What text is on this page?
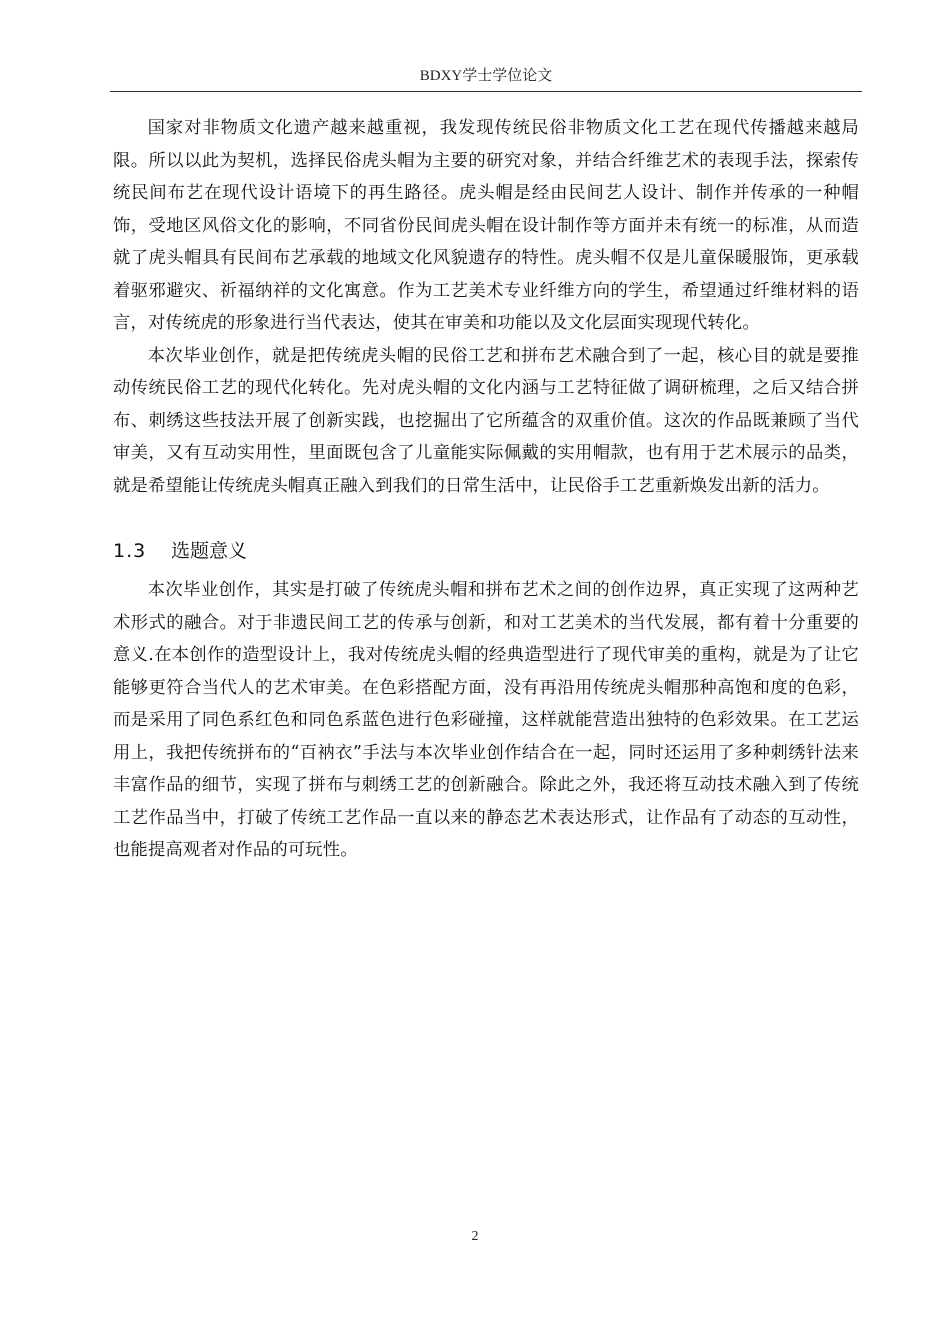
BDXY学士学位论文

国家对非物质文化遗产越来越重视，我发现传统民俗非物质文化工艺在现代传播越来越局限。所以以此为契机，选择民俗虎头帽为主要的研究对象，并结合纤维艺术的表现手法，探索传统民间布艺在现代设计语境下的再生路径。虎头帽是经由民间艺人设计、制作并传承的一种帽饰，受地区风俗文化的影响，不同省份民间虎头帽在设计制作等方面并未有统一的标准，从而造就了虎头帽具有民间布艺承载的地域文化风貌遗存的特性。虎头帽不仅是儿童保暖服饰，更承载着驱邪避灾、祈福纳祥的文化寓意。作为工艺美术专业纤维方向的学生，希望通过纤维材料的语言，对传统虎的形象进行当代表达，使其在审美和功能以及文化层面实现现代转化。

本次毕业创作，就是把传统虎头帽的民俗工艺和拼布艺术融合到了一起，核心目的就是要推动传统民俗工艺的现代化转化。先对虎头帽的文化内涵与工艺特征做了调研梳理，之后又结合拼布、刺绣这些技法开展了创新实践，也挖掘出了它所蕴含的双重价值。这次的作品既兼顾了当代审美，又有互动实用性，里面既包含了儿童能实际佩戴的实用帽款，也有用于艺术展示的品类，就是希望能让传统虎头帽真正融入到我们的日常生活中，让民俗手工艺重新焕发出新的活力。

1.3 选题意义

本次毕业创作，其实是打破了传统虎头帽和拼布艺术之间的创作边界，真正实现了这两种艺术形式的融合。对于非遗民间工艺的传承与创新，和对工艺美术的当代发展，都有着十分重要的意义.在本创作的造型设计上，我对传统虎头帽的经典造型进行了现代审美的重构，就是为了让它能够更符合当代人的艺术审美。在色彩搭配方面，没有再沿用传统虎头帽那种高饱和度的色彩，而是采用了同色系红色和同色系蓝色进行色彩碰撞，这样就能营造出独特的色彩效果。在工艺运用上，我把传统拼布的“百衲衣”手法与本次毕业创作结合在一起，同时还运用了多种刺绣针法来丰富作品的细节，实现了拼布与刺绣工艺的创新融合。除此之外，我还将互动技术融入到了传统工艺作品当中，打破了传统工艺作品一直以来的静态艺术表达形式，让作品有了动态的互动性，也能提高观者对作品的可玩性。

2
